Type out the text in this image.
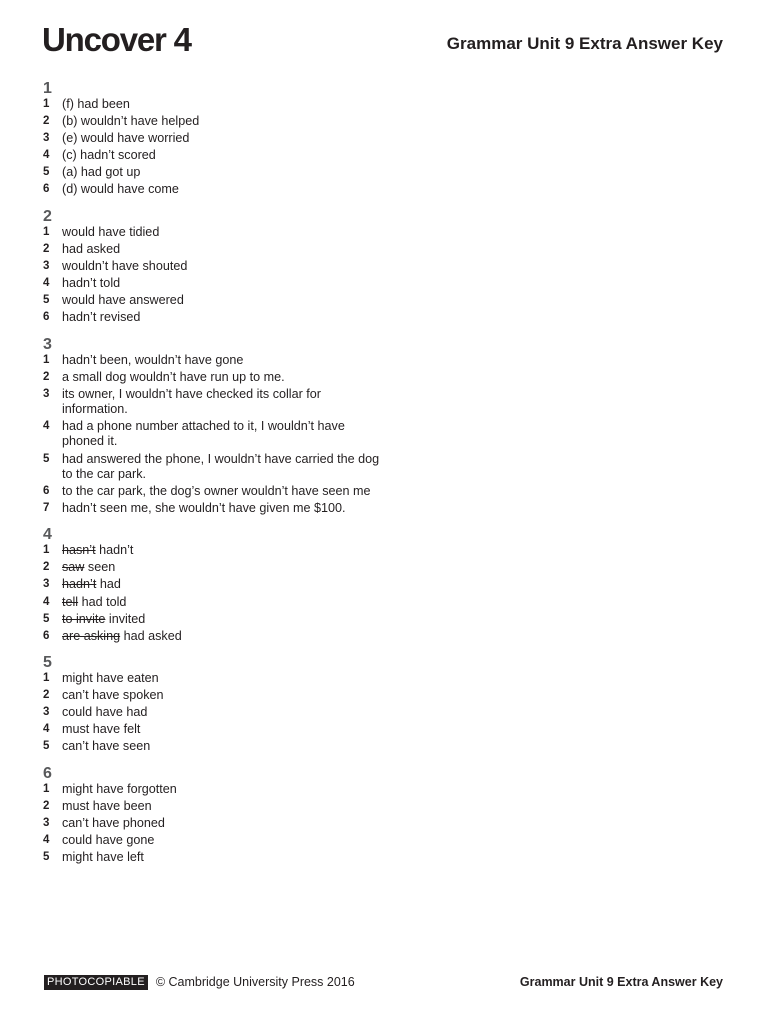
Uncover 4	Grammar Unit 9 Extra Answer Key
1
1 (f) had been
2 (b) wouldn’t have helped
3 (e) would have worried
4 (c) hadn’t scored
5 (a) had got up
6 (d) would have come
2
1 would have tidied
2 had asked
3 wouldn’t have shouted
4 hadn’t told
5 would have answered
6 hadn’t revised
3
1 hadn’t been, wouldn’t have gone
2 a small dog wouldn’t have run up to me.
3 its owner, I wouldn’t have checked its collar for information.
4 had a phone number attached to it, I wouldn’t have phoned it.
5 had answered the phone, I wouldn’t have carried the dog to the car park.
6 to the car park, the dog’s owner wouldn’t have seen me
7 hadn’t seen me, she wouldn’t have given me $100.
4
1 hasn’t hadn’t
2 saw seen
3 hadn’t had
4 tell had told
5 to invite invited
6 are asking had asked
5
1 might have eaten
2 can’t have spoken
3 could have had
4 must have felt
5 can’t have seen
6
1 might have forgotten
2 must have been
3 can’t have phoned
4 could have gone
5 might have left
PHOTOCOPIABLE © Cambridge University Press 2016	Grammar Unit 9 Extra Answer Key
